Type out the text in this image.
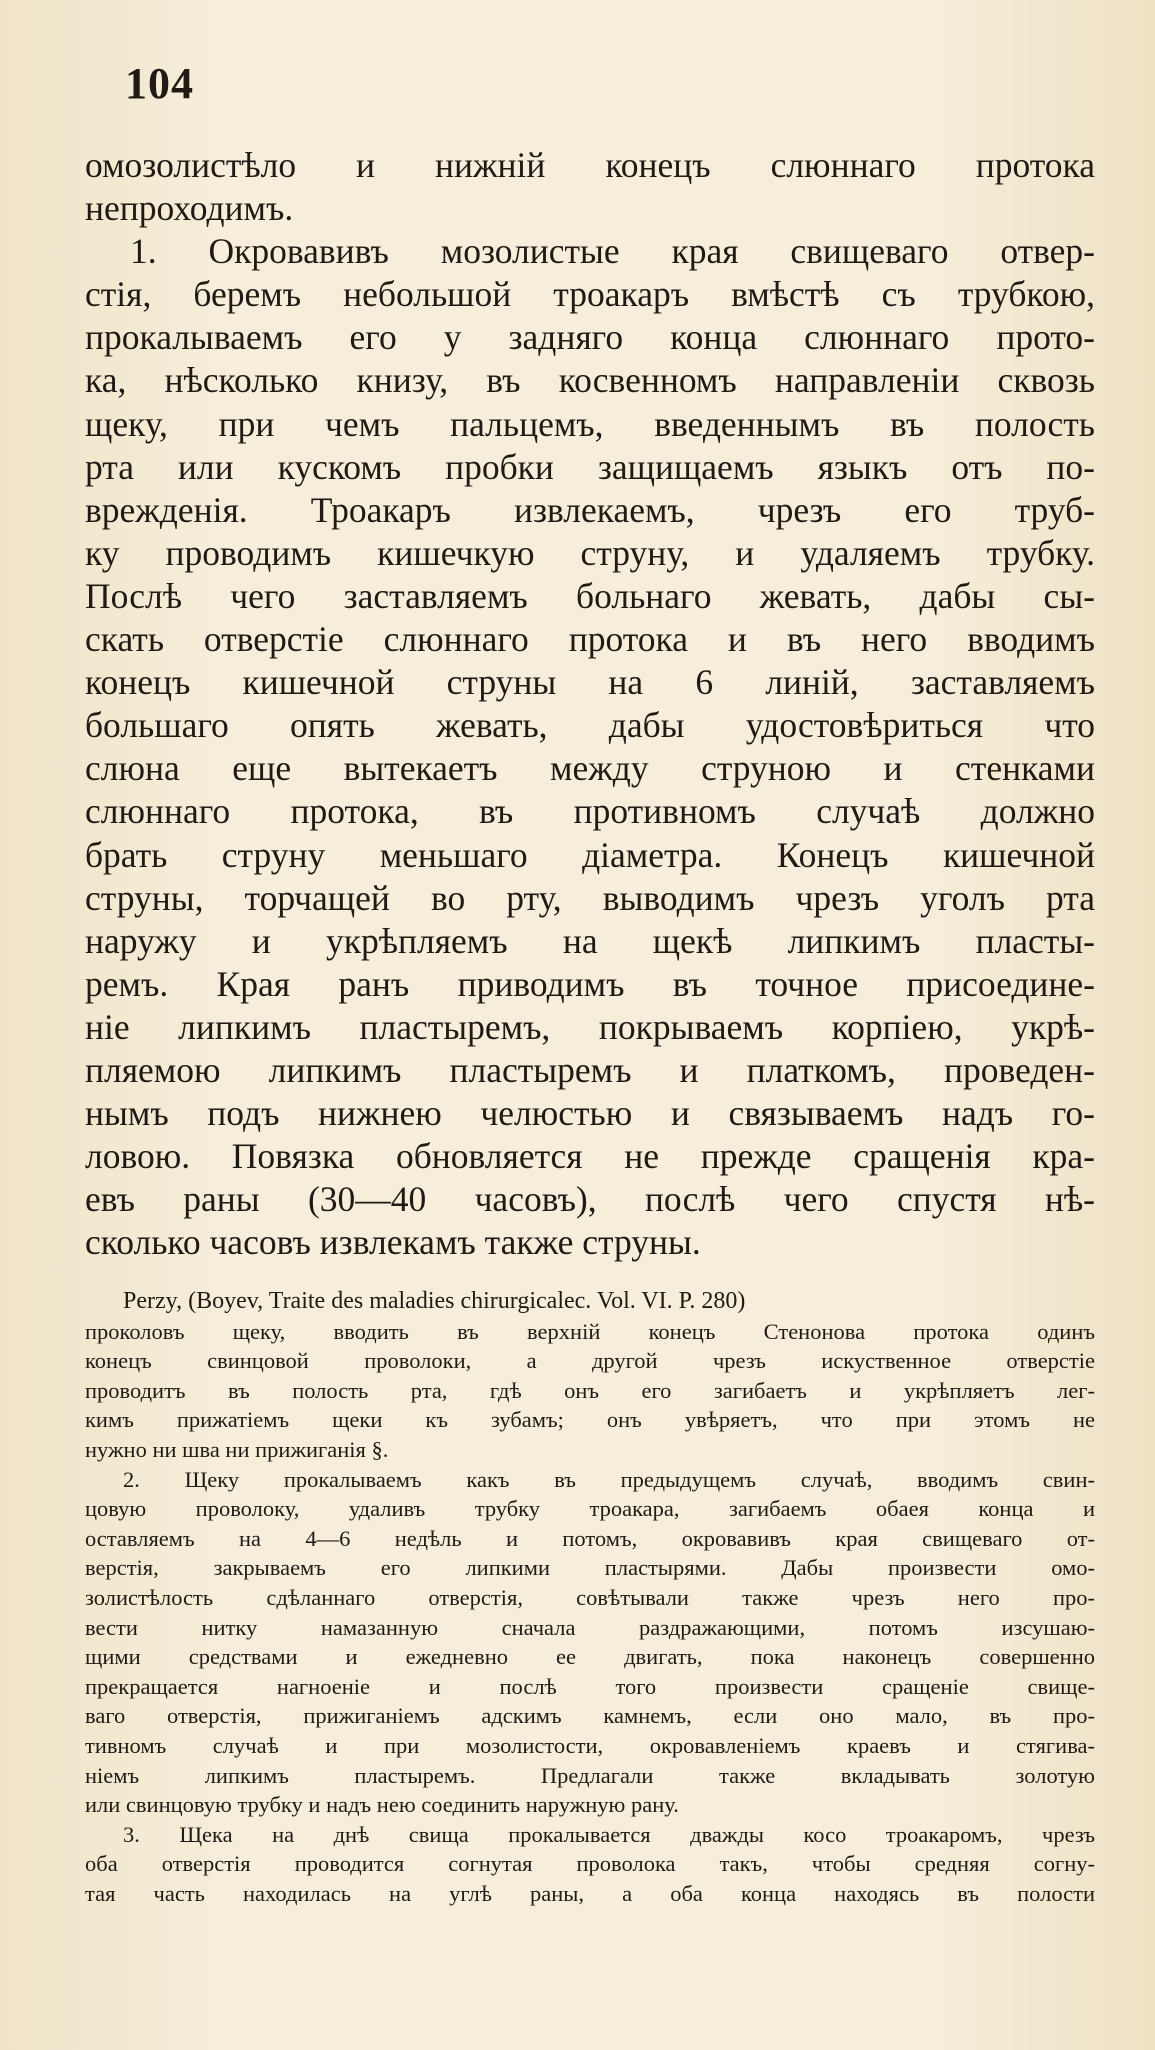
104
омозолистѣло и нижній конецъ слюннаго протока
непроходимъ.
1. Окровавивъ мозолистые края свищеваго отвер-
стія, беремъ небольшой троакаръ вмѣстѣ съ трубкою,
прокалываемъ его у задняго конца слюннаго прото-
ка, нѣсколько книзу, въ косвенномъ направленіи сквозь
щеку, при чемъ пальцемъ, введеннымъ въ полость
рта или кускомъ пробки защищаемъ языкъ отъ по-
врежденія. Троакаръ извлекаемъ, чрезъ его труб-
ку проводимъ кишечкую струну, и удаляемъ трубку.
Послѣ чего заставляемъ больнаго жевать, дабы сы-
скать отверстіе слюннаго протока и въ него вводимъ
конецъ кишечной струны на 6 линій, заставляемъ
большаго опять жевать, дабы удостовѣриться что
слюна еще вытекаетъ между струною и стенками
слюннаго протока, въ противномъ случаѣ должно
брать струну меньшаго діаметра. Конецъ кишечной
струны, торчащей во рту, выводимъ чрезъ уголъ рта
наружу и укрѣпляемъ на щекѣ липкимъ пласты-
ремъ. Края ранъ приводимъ въ точное присоедине-
ніе липкимъ пластыремъ, покрываемъ корпіею, укрѣ-
пляемою липкимъ пластыремъ и платкомъ, проведен-
нымъ подъ нижнею челюстью и связываемъ надъ го-
ловою. Повязка обновляется не прежде сращенія кра-
евъ раны (30—40 часовъ), послѣ чего спустя нѣ-
сколько часовъ извлекамъ также струны.
Perzy, (Boyev, Traite des maladies chirurgicalec. Vol. VI. P. 280)
проколовъ щеку, вводить въ верхній конецъ Стенонова протока одинъ
конецъ свинцовой проволоки, а другой чрезъ искуственное отверстіе
проводитъ въ полость рта, гдѣ онъ его загибаетъ и укрѣпляетъ лег-
кимъ прижатіемъ щеки къ зубамъ; онъ увѣряетъ, что при этомъ не
нужно ни шва ни прижиганія §.
2. Щеку прокалываемъ какъ въ предыдущемъ случаѣ, вводимъ свин-
цовую проволоку, удаливъ трубку троакара, загибаемъ обаея конца и
оставляемъ на 4—6 недѣль и потомъ, окровавивъ края свищеваго от-
верстія, закрываемъ его липкими пластырями. Дабы произвести омо-
золистѣлость сдѣланнаго отверстія, совѣтывали также чрезъ него про-
вести нитку намазанную сначала раздражающими, потомъ изсушаю-
щими средствами и ежедневно ее двигать, пока наконецъ совершенно
прекращается нагноеніе и послѣ того произвести сращеніе свище-
ваго отверстія, прижиганіемъ адскимъ камнемъ, если оно мало, въ про-
тивномъ случаѣ и при мозолистости, окровавленіемъ краевъ и стягива-
ніемъ липкимъ пластыремъ. Предлагали также вкладывать золотую
или свинцовую трубку и надъ нею соединить наружную рану.
3. Щека на днѣ свища прокалывается дважды косо троакаромъ, чрезъ
оба отверстія проводится согнутая проволока такъ, чтобы средняя согну-
тая часть находилась на углѣ раны, а оба конца находясь въ полости
